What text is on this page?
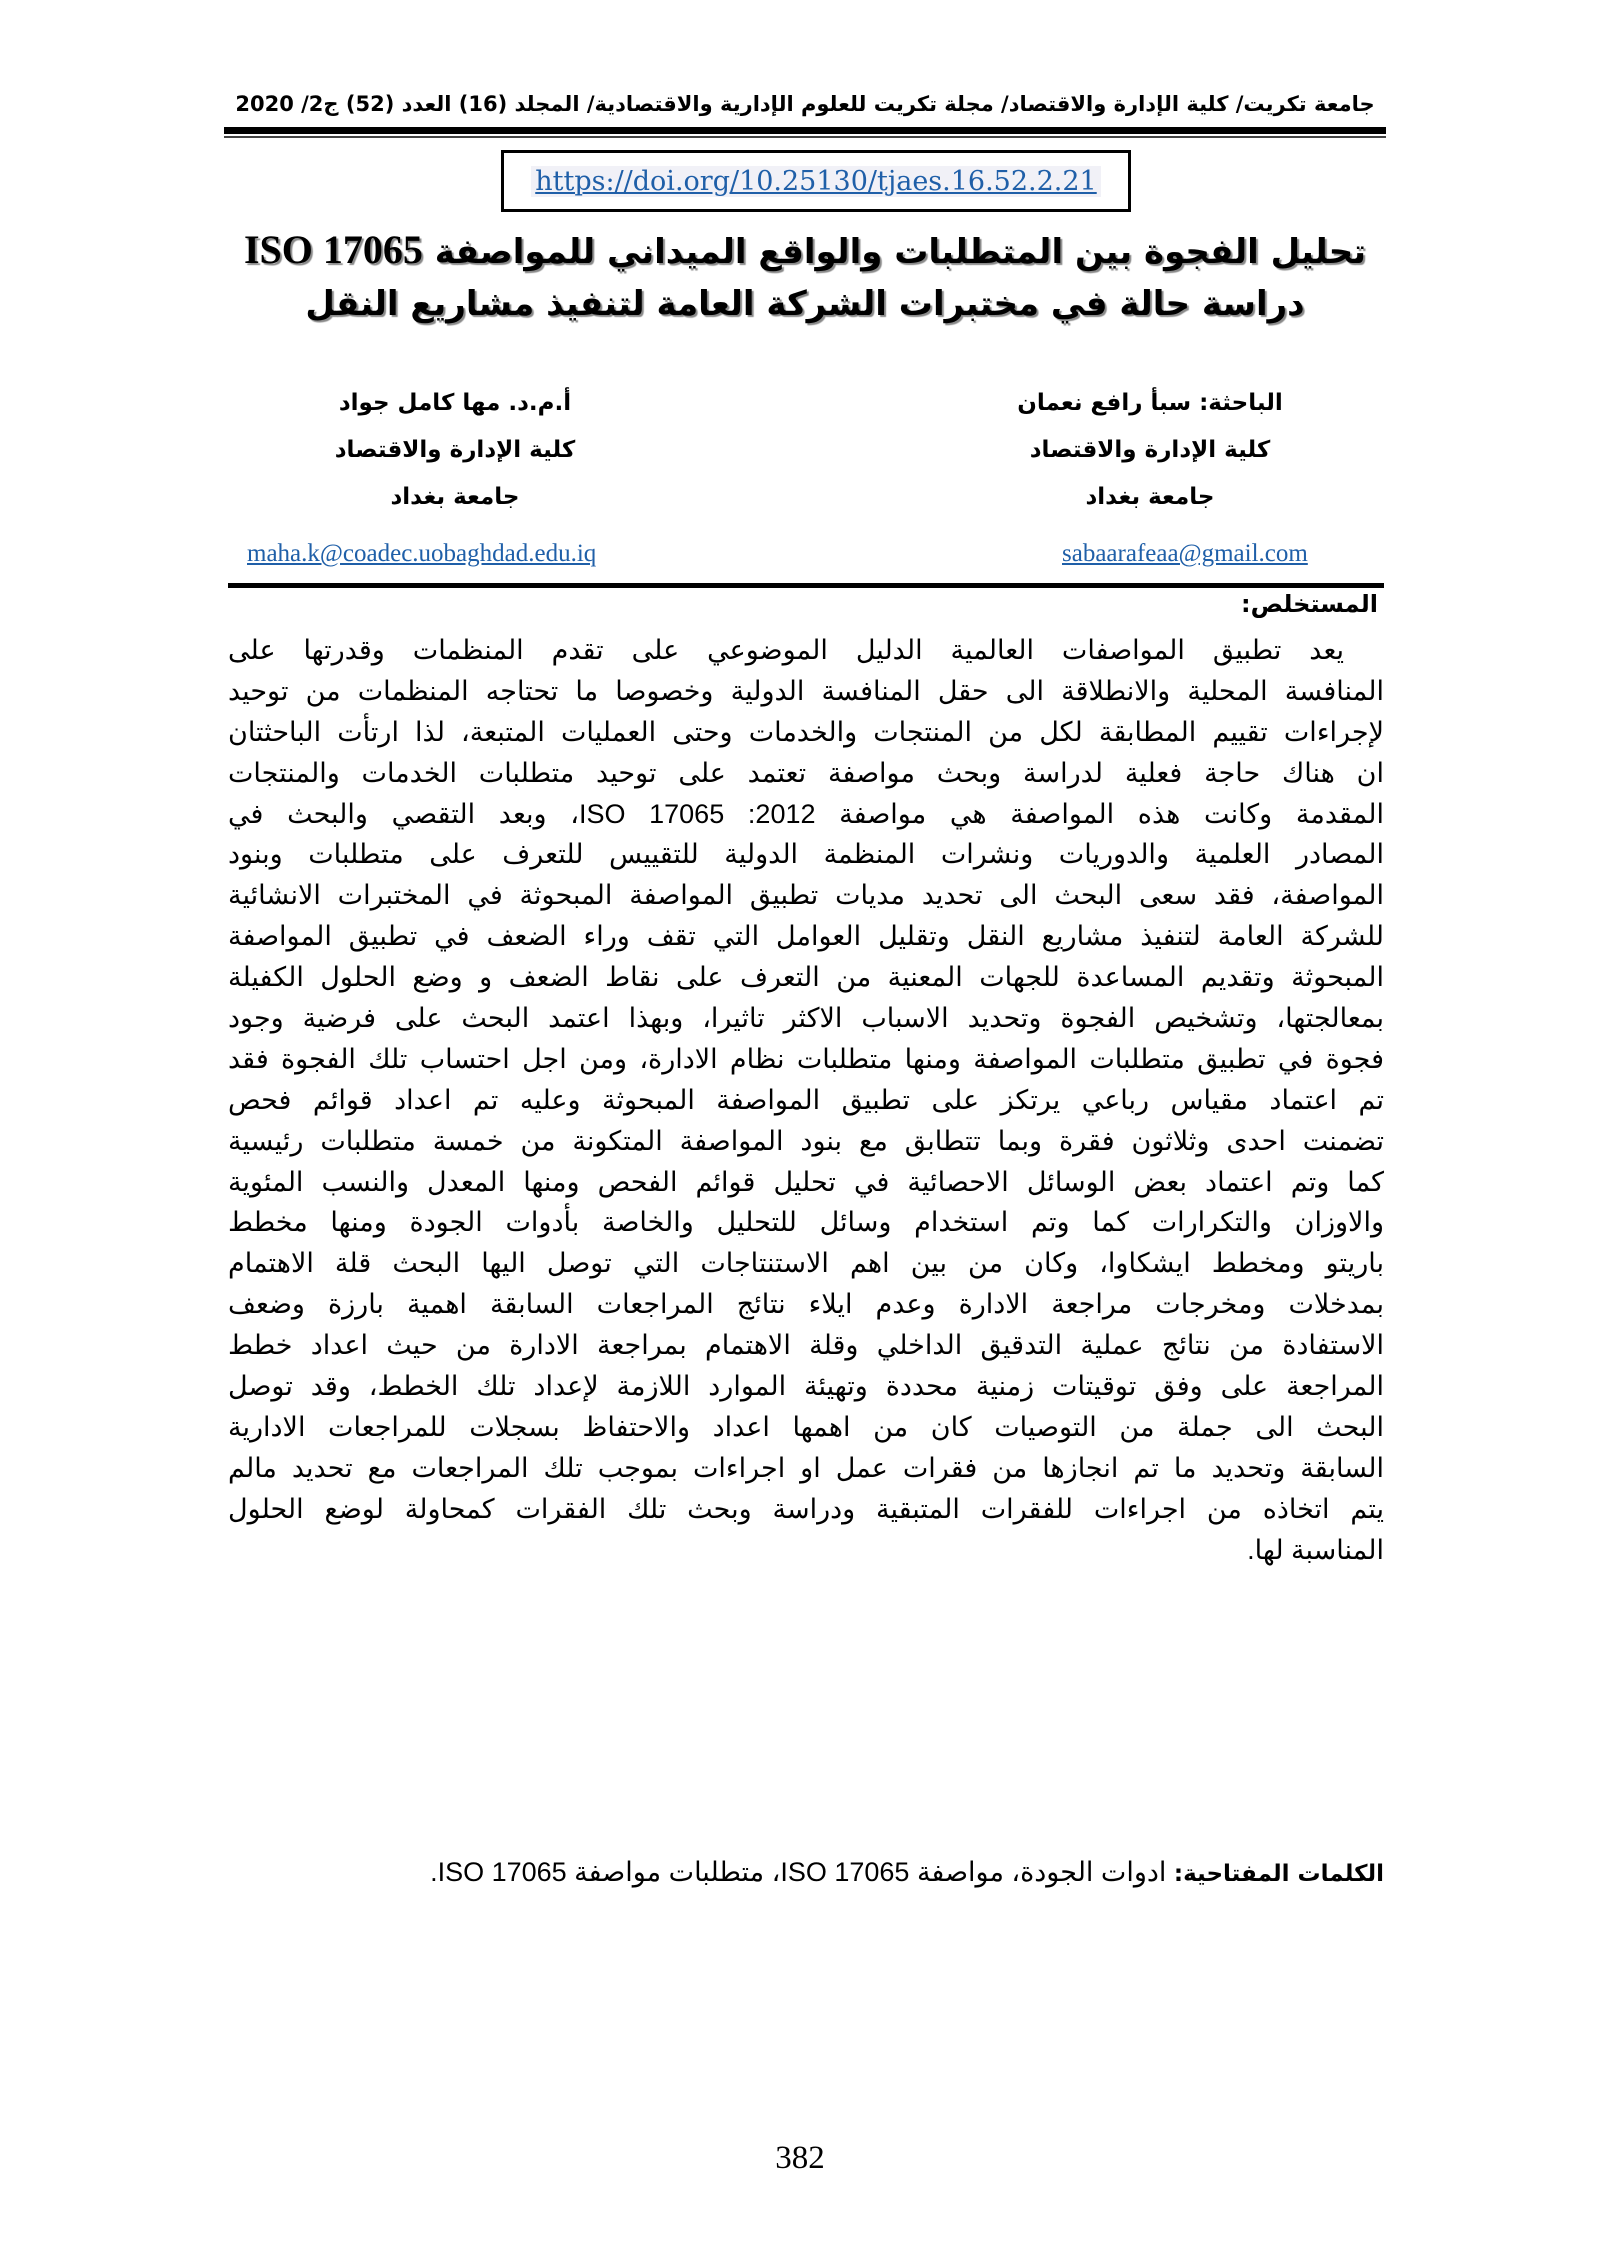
جامعة تكريت/ كلية الإدارة والاقتصاد/ مجلة تكريت للعلوم الإدارية والاقتصادية/ المجلد (16) العدد (52) ج2/ 2020
https://doi.org/10.25130/tjaes.16.52.2.21
تحليل الفجوة بين المتطلبات والواقع الميداني للمواصفة ISO 17065
دراسة حالة في مختبرات الشركة العامة لتنفيذ مشاريع النقل
الباحثة: سبأ رافع نعمان
كلية الإدارة والاقتصاد
جامعة بغداد
sabaarafeaa@gmail.com
أ.م.د. مها كامل جواد
كلية الإدارة والاقتصاد
جامعة بغداد
maha.k@coadec.uobaghdad.edu.iq
المستخلص:
يعد تطبيق المواصفات العالمية الدليل الموضوعي على تقدم المنظمات وقدرتها على
المنافسة المحلية والانطلاقة الى حقل المنافسة الدولية وخصوصا ما تحتاجه المنظمات من توحيد
لإجراءات تقييم المطابقة لكل من المنتجات والخدمات وحتى العمليات المتبعة، لذا ارتأت الباحثتان
ان هناك حاجة فعلية لدراسة وبحث مواصفة تعتمد على توحيد متطلبات الخدمات والمنتجات
المقدمة وكانت هذه المواصفة هي مواصفة 2012: ISO 17065، وبعد التقصي والبحث في
المصادر العلمية والدوريات ونشرات المنظمة الدولية للتقييس للتعرف على متطلبات وبنود
المواصفة، فقد سعى البحث الى تحديد مديات تطبيق المواصفة المبحوثة في المختبرات الانشائية
للشركة العامة لتنفيذ مشاريع النقل وتقليل العوامل التي تقف وراء الضعف في تطبيق المواصفة
المبحوثة وتقديم المساعدة للجهات المعنية من التعرف على نقاط الضعف و وضع الحلول الكفيلة
بمعالجتها، وتشخيص الفجوة وتحديد الاسباب الاكثر تاثيرا، وبهذا اعتمد البحث على فرضية وجود
فجوة في تطبيق متطلبات المواصفة ومنها متطلبات نظام الادارة، ومن اجل احتساب تلك الفجوة فقد
تم اعتماد مقياس رباعي يرتكز على تطبيق المواصفة المبحوثة وعليه تم اعداد قوائم فحص
تضمنت احدى وثلاثون فقرة وبما تتطابق مع بنود المواصفة المتكونة من خمسة متطلبات رئيسية
كما وتم اعتماد بعض الوسائل الاحصائية في تحليل قوائم الفحص ومنها المعدل والنسب المئوية
والاوزان والتكرارات كما وتم استخدام وسائل للتحليل والخاصة بأدوات الجودة ومنها مخطط
باريتو ومخطط ايشكاوا، وكان من بين اهم الاستنتاجات التي توصل اليها البحث قلة الاهتمام
بمدخلات ومخرجات مراجعة الادارة وعدم ايلاء نتائج المراجعات السابقة اهمية بارزة وضعف
الاستفادة من نتائج عملية التدقيق الداخلي وقلة الاهتمام بمراجعة الادارة من حيث اعداد خطط
المراجعة على وفق توقيتات زمنية محددة وتهيئة الموارد اللازمة لإعداد تلك الخطط، وقد توصل
البحث الى جملة من التوصيات كان من اهمها اعداد والاحتفاظ بسجلات للمراجعات الادارية
السابقة وتحديد ما تم انجازها من فقرات عمل او اجراءات بموجب تلك المراجعات مع تحديد مالم
يتم اتخاذه من اجراءات للفقرات المتبقية ودراسة وبحث تلك الفقرات كمحاولة لوضع الحلول
المناسبة لها.
الكلمات المفتاحية: ادوات الجودة، مواصفة ISO 17065، متطلبات مواصفة ISO 17065.
382
